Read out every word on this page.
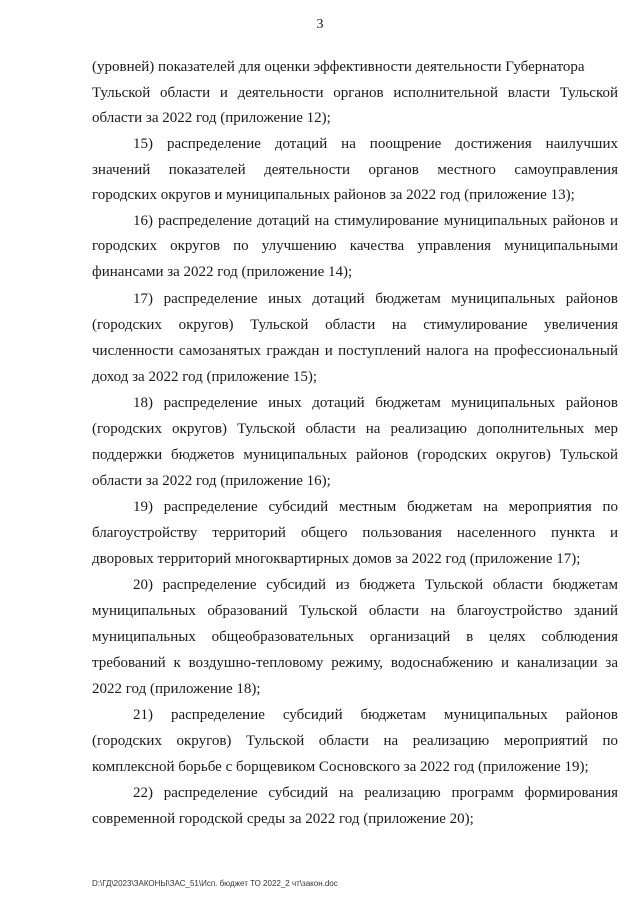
3
(уровней) показателей для оценки эффективности деятельности Губернатора
Тульской области и деятельности органов исполнительной власти Тульской
области за 2022 год (приложение 12);
15) распределение дотаций на поощрение достижения наилучших
значений показателей деятельности органов местного самоуправления
городских округов и муниципальных районов за 2022 год (приложение 13);
16) распределение дотаций на стимулирование муниципальных районов и
городских округов по улучшению качества управления муниципальными
финансами за 2022 год (приложение 14);
17) распределение иных дотаций бюджетам муниципальных районов
(городских округов) Тульской области на стимулирование увеличения
численности самозанятых граждан и поступлений налога на профессиональный
доход за 2022 год (приложение 15);
18) распределение иных дотаций бюджетам муниципальных районов
(городских округов) Тульской области на реализацию дополнительных мер
поддержки бюджетов муниципальных районов (городских округов) Тульской
области за 2022 год (приложение 16);
19) распределение субсидий местным бюджетам на мероприятия по
благоустройству территорий общего пользования населенного пункта и
дворовых территорий многоквартирных домов за 2022 год (приложение 17);
20) распределение субсидий из бюджета Тульской области бюджетам
муниципальных образований Тульской области на благоустройство зданий
муниципальных общеобразовательных организаций в целях соблюдения
требований к воздушно-тепловому режиму, водоснабжению и канализации за
2022 год (приложение 18);
21) распределение субсидий бюджетам муниципальных районов
(городских округов) Тульской области на реализацию мероприятий по
комплексной борьбе с борщевиком Сосновского за 2022 год (приложение 19);
22) распределение субсидий на реализацию программ формирования
современной городской среды за 2022 год (приложение 20);
D:\ГД\2023\ЗАКОНЫ\ЗАС_51\Исп. бюджет ТО 2022_2 чт\закон.doc
